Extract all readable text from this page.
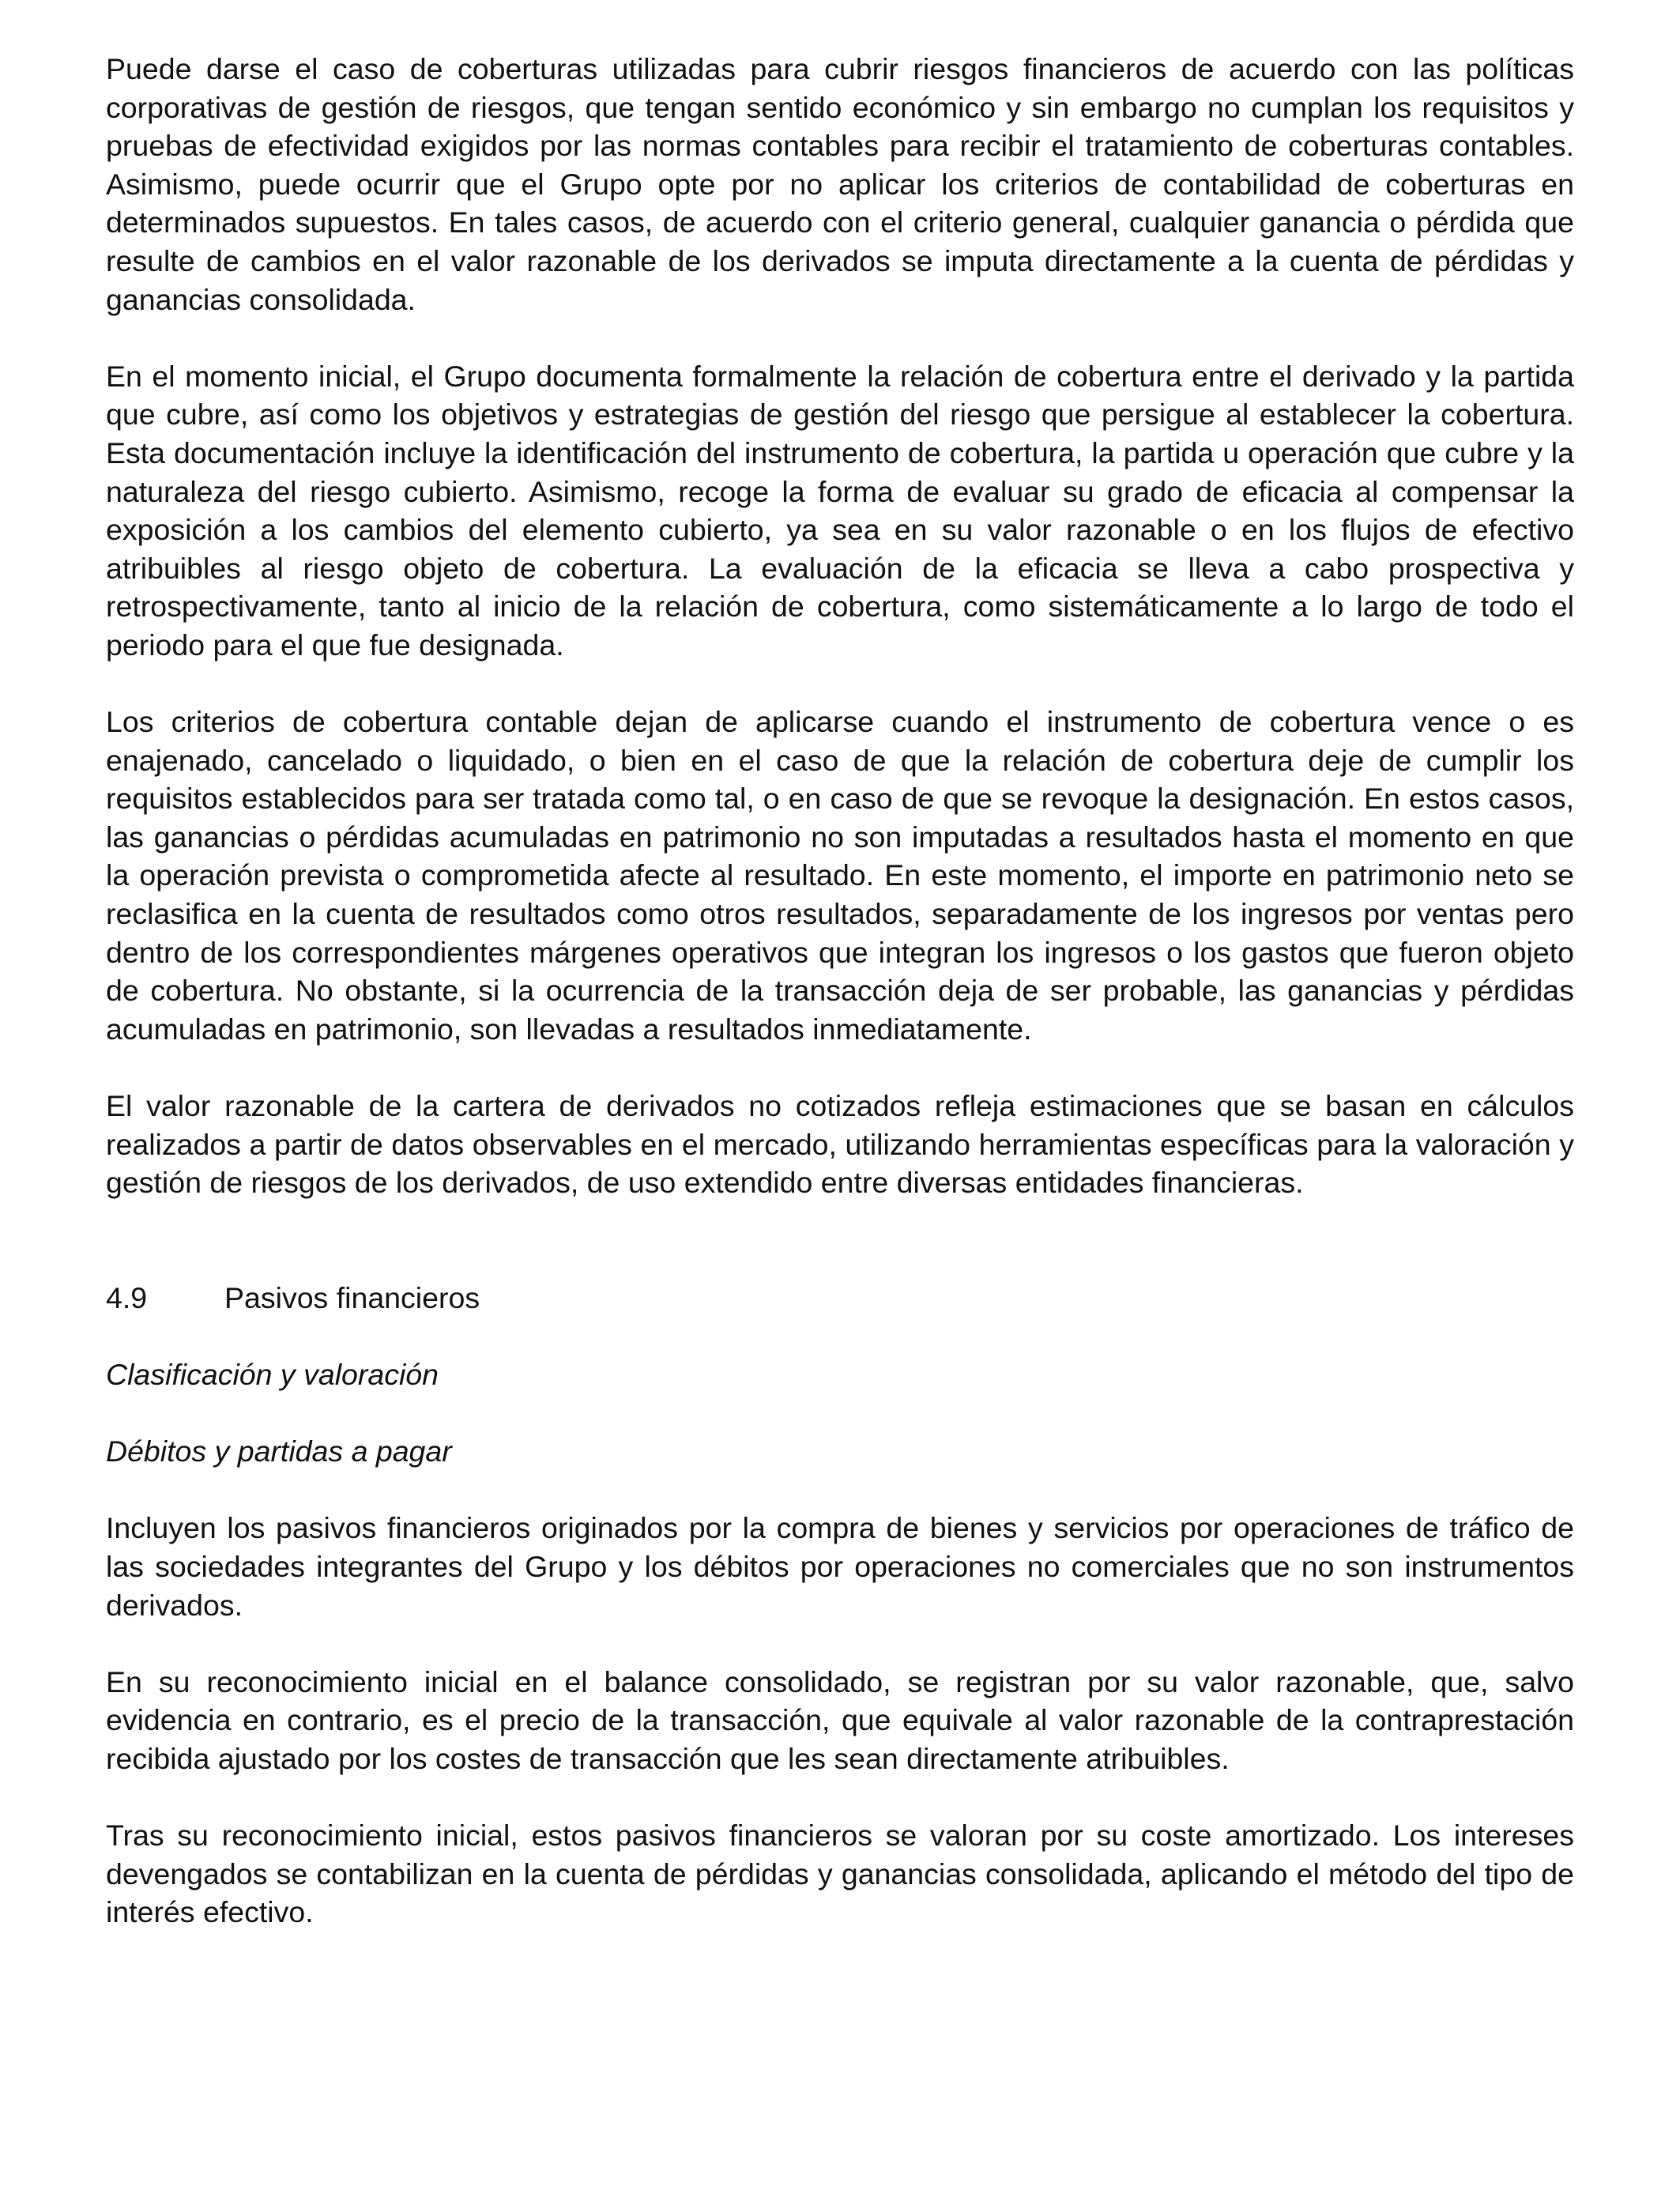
Puede darse el caso de coberturas utilizadas para cubrir riesgos financieros de acuerdo con las políticas corporativas de gestión de riesgos, que tengan sentido económico y sin embargo no cumplan los requisitos y pruebas de efectividad exigidos por las normas contables para recibir el tratamiento de coberturas contables. Asimismo, puede ocurrir que el Grupo opte por no aplicar los criterios de contabilidad de coberturas en determinados supuestos. En tales casos, de acuerdo con el criterio general, cualquier ganancia o pérdida que resulte de cambios en el valor razonable de los derivados se imputa directamente a la cuenta de pérdidas y ganancias consolidada.

En el momento inicial, el Grupo documenta formalmente la relación de cobertura entre el derivado y la partida que cubre, así como los objetivos y estrategias de gestión del riesgo que persigue al establecer la cobertura. Esta documentación incluye la identificación del instrumento de cobertura, la partida u operación que cubre y la naturaleza del riesgo cubierto. Asimismo, recoge la forma de evaluar su grado de eficacia al compensar la exposición a los cambios del elemento cubierto, ya sea en su valor razonable o en los flujos de efectivo atribuibles al riesgo objeto de cobertura. La evaluación de la eficacia se lleva a cabo prospectiva y retrospectivamente, tanto al inicio de la relación de cobertura, como sistemáticamente a lo largo de todo el periodo para el que fue designada.

Los criterios de cobertura contable dejan de aplicarse cuando el instrumento de cobertura vence o es enajenado, cancelado o liquidado, o bien en el caso de que la relación de cobertura deje de cumplir los requisitos establecidos para ser tratada como tal, o en caso de que se revoque la designación. En estos casos, las ganancias o pérdidas acumuladas en patrimonio no son imputadas a resultados hasta el momento en que la operación prevista o comprometida afecte al resultado. En este momento, el importe en patrimonio neto se reclasifica en la cuenta de resultados como otros resultados, separadamente de los ingresos por ventas pero dentro de los correspondientes márgenes operativos que integran los ingresos o los gastos que fueron objeto de cobertura. No obstante, si la ocurrencia de la transacción deja de ser probable, las ganancias y pérdidas acumuladas en patrimonio, son llevadas a resultados inmediatamente.

El valor razonable de la cartera de derivados no cotizados refleja estimaciones que se basan en cálculos realizados a partir de datos observables en el mercado, utilizando herramientas específicas para la valoración y gestión de riesgos de los derivados, de uso extendido entre diversas entidades financieras.

4.9	Pasivos financieros

Clasificación y valoración

Débitos y partidas a pagar

Incluyen los pasivos financieros originados por la compra de bienes y servicios por operaciones de tráfico de las sociedades integrantes del Grupo y los débitos por operaciones no comerciales que no son instrumentos derivados.

En su reconocimiento inicial en el balance consolidado, se registran por su valor razonable, que, salvo evidencia en contrario, es el precio de la transacción, que equivale al valor razonable de la contraprestación recibida ajustado por los costes de transacción que les sean directamente atribuibles.

Tras su reconocimiento inicial, estos pasivos financieros se valoran por su coste amortizado. Los intereses devengados se contabilizan en la cuenta de pérdidas y ganancias consolidada, aplicando el método del tipo de interés efectivo.
